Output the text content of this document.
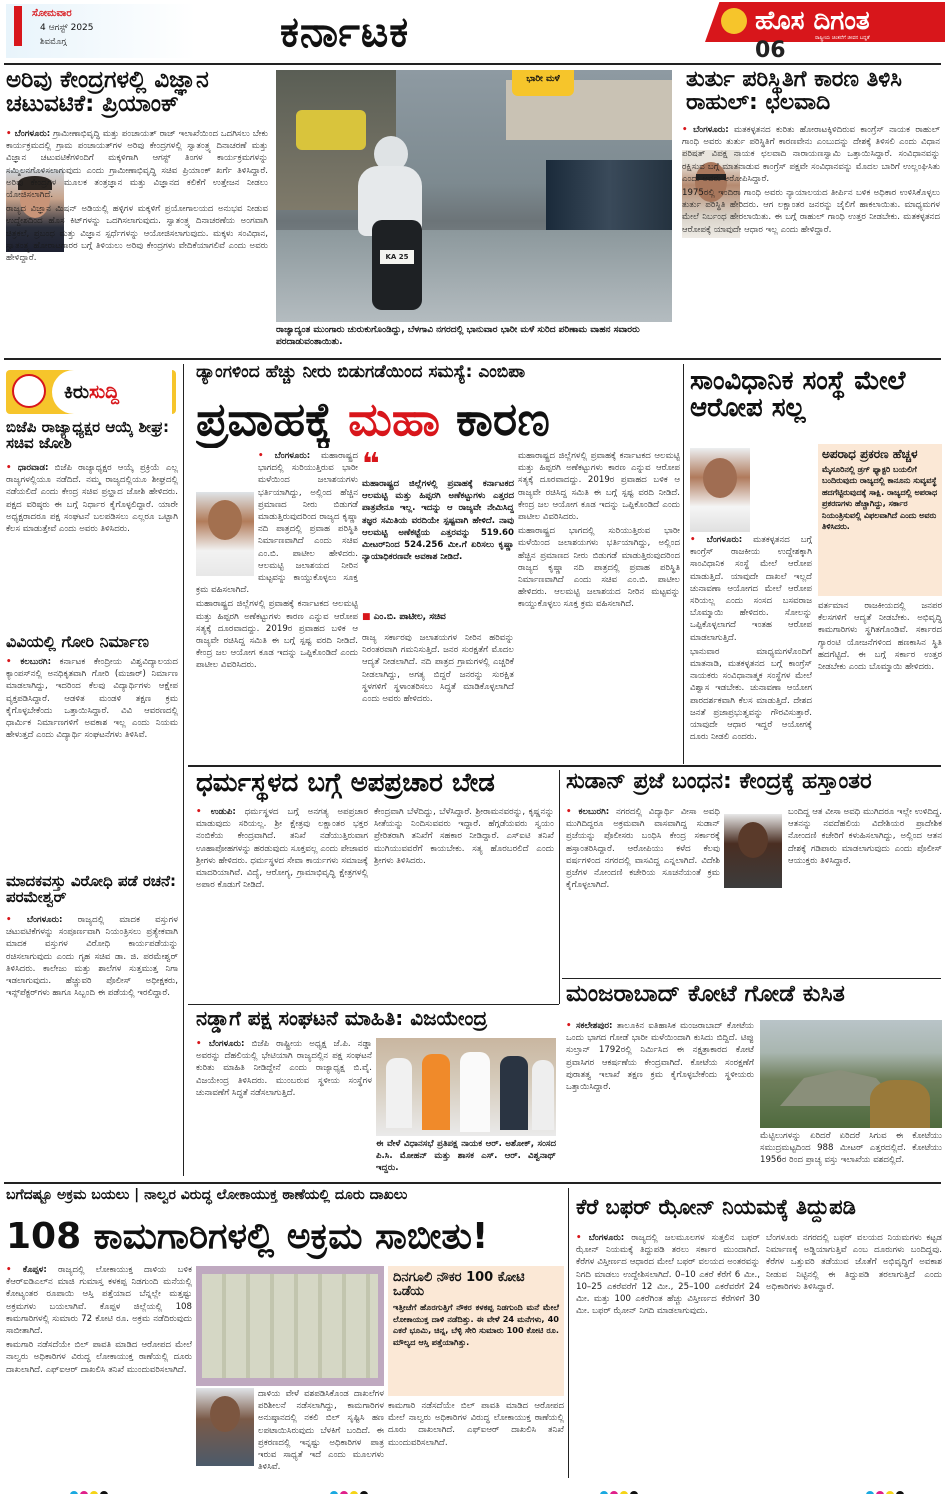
ಸೋಮವಾರ
4 ಆಗಸ್ಟ್ 2025
ಶಿವಮೊಗ್ಗ	ಕರ್ನಾಟಕ	ಹೊಸ ದಿಗಂತ
ರಾಷ್ಟ್ರೀಯ ಚಿಂತನೆಗೆ ಜೀವನ ಬದ್ಧತೆ
06
ಅರಿವು ಕೇಂದ್ರಗಳಲ್ಲಿ ವಿಜ್ಞಾನ ಚಟುವಟಿಕೆ: ಪ್ರಿಯಾಂಕ್

• ಬೆಂಗಳೂರು: ಗ್ರಾಮೀಣಾಭಿವೃದ್ಧಿ ಮತ್ತು ಪಂಚಾಯತ್ ರಾಜ್ ಇಲಾಖೆಯಿಂದ ಒದಗಿಸಲು ಬೇಕು ಕಾರ್ಯಕ್ರಮದಲ್ಲಿ ಗ್ರಾಮ ಪಂಚಾಯತ್‌ಗಳ ಅರಿವು ಕೇಂದ್ರಗಳಲ್ಲಿ ಸ್ವಾತಂತ್ರ್ಯ ದಿನಾಚರಣೆ ಮತ್ತು ವಿಜ್ಞಾನ ಚಟುವಟಿಕೆಗಳಿಂದಿಗೆ ಮಕ್ಕಳಿಗಾಗಿ ಆಗಸ್ಟ್ ತಿಂಗಳ ಕಾರ್ಯಕ್ರಮಗಳನ್ನು ಸಮ್ಮಿಲನಗೊಳಿಸಲಾಗುವುದು ಎಂದು ಗ್ರಾಮೀಣಾಭಿವೃದ್ಧಿ ಸಚಿವ ಪ್ರಿಯಾಂಕ್ ಖರ್ಗೆ ತಿಳಿಸಿದ್ದಾರೆ. ಅರಿವು ಕೇಂದ್ರಗಳ ಮೂಲಕ ತಂತ್ರಜ್ಞಾನ ಮತ್ತು ವಿಜ್ಞಾನದ ಕಲಿಕೆಗೆ ಉತ್ತೇಜನ ನೀಡಲು ಯೋಜಿಸಲಾಗಿದೆ.

ರಾಜ್ಯದ ವಿಜ್ಞಾನ ಮಿಷನ್ ಅಡಿಯಲ್ಲಿ ಹಳ್ಳಿಗಳ ಮಕ್ಕಳಿಗೆ ಪ್ರಯೋಗಾಲಯದ ಅನುಭವ ನೀಡುವ ಉದ್ದೇಶದಿಂದ ಹೊಸ ಕಿಟ್‌ಗಳನ್ನು ಒದಗಿಸಲಾಗುವುದು. ಸ್ವಾತಂತ್ರ್ಯ ದಿನಾಚರಣೆಯ ಅಂಗವಾಗಿ ಚಿತ್ರಕಲೆ, ಪ್ರಬಂಧ ಮತ್ತು ವಿಜ್ಞಾನ ಸ್ಪರ್ಧೆಗಳನ್ನು ಆಯೋಜಿಸಲಾಗುವುದು. ಮಕ್ಕಳು ಸಂವಿಧಾನ, ಸ್ವಾತಂತ್ರ್ಯ ಹೋರಾಟಗಾರರ ಬಗ್ಗೆ ತಿಳಿಯಲು ಅರಿವು ಕೇಂದ್ರಗಳು ವೇದಿಕೆಯಾಗಲಿವೆ ಎಂದು ಅವರು ಹೇಳಿದ್ದಾರೆ.	KA 25
ಭಾರೀ ಮಳೆ
ರಾಜ್ಯಾದ್ಯಂತ ಮುಂಗಾರು ಚುರುಕುಗೊಂಡಿದ್ದು, ಬೆಳಗಾವಿ ನಗರದಲ್ಲಿ ಭಾನುವಾರ ಭಾರೀ ಮಳೆ ಸುರಿದ ಪರಿಣಾಮ ವಾಹನ ಸವಾರರು ಪರದಾಡುವಂತಾಯಿತು.
ತುರ್ತು ಪರಿಸ್ಥಿತಿಗೆ ಕಾರಣ ತಿಳಿಸಿ ರಾಹುಲ್: ಛಲವಾದಿ

• ಬೆಂಗಳೂರು: ಮತಕಳ್ಳತನದ ಕುರಿತು ಹೋರಾಟಕ್ಕಿಳಿದಿರುವ ಕಾಂಗ್ರೆಸ್ ನಾಯಕ ರಾಹುಲ್ ಗಾಂಧಿ ಅವರು ತುರ್ತು ಪರಿಸ್ಥಿತಿಗೆ ಕಾರಣವೇನು ಎಂಬುದನ್ನು ದೇಶಕ್ಕೆ ತಿಳಿಸಲಿ ಎಂದು ವಿಧಾನ ಪರಿಷತ್ ವಿಪಕ್ಷ ನಾಯಕ ಛಲವಾದಿ ನಾರಾಯಣಸ್ವಾಮಿ ಒತ್ತಾಯಿಸಿದ್ದಾರೆ. ಸಂವಿಧಾನವನ್ನು ರಕ್ಷಿಸುವ ಬಗ್ಗೆ ಮಾತನಾಡುವ ಕಾಂಗ್ರೆಸ್ ಪಕ್ಷವೇ ಸಂವಿಧಾನವನ್ನು ಮೊದಲ ಬಾರಿಗೆ ಉಲ್ಲಂಘಿಸಿತು ಎಂದು ಅವರು ಆರೋಪಿಸಿದ್ದಾರೆ.

1975ರಲ್ಲಿ ಇಂದಿರಾ ಗಾಂಧಿ ಅವರು ನ್ಯಾಯಾಲಯದ ತೀರ್ಪಿನ ಬಳಿಕ ಅಧಿಕಾರ ಉಳಿಸಿಕೊಳ್ಳಲು ತುರ್ತು ಪರಿಸ್ಥಿತಿ ಹೇರಿದರು. ಆಗ ಲಕ್ಷಾಂತರ ಜನರನ್ನು ಜೈಲಿಗೆ ಹಾಕಲಾಯಿತು. ಮಾಧ್ಯಮಗಳ ಮೇಲೆ ನಿರ್ಬಂಧ ಹೇರಲಾಯಿತು. ಈ ಬಗ್ಗೆ ರಾಹುಲ್ ಗಾಂಧಿ ಉತ್ತರ ನೀಡಬೇಕು. ಮತಕಳ್ಳತನದ ಆರೋಪಕ್ಕೆ ಯಾವುದೇ ಆಧಾರ ಇಲ್ಲ ಎಂದು ಹೇಳಿದ್ದಾರೆ.

ಕಿರುಸುದ್ದಿ
ಬಿಜೆಪಿ ರಾಜ್ಯಾಧ್ಯಕ್ಷರ ಆಯ್ಕೆ ಶೀಘ್ರ: ಸಚಿವ ಜೋಶಿ

• ಧಾರವಾಡ: ಬಿಜೆಪಿ ರಾಜ್ಯಾಧ್ಯಕ್ಷರ ಆಯ್ಕೆ ಪ್ರಕ್ರಿಯೆ ಎಲ್ಲ ರಾಜ್ಯಗಳಲ್ಲಿಯೂ ನಡೆದಿದೆ. ನಮ್ಮ ರಾಜ್ಯದಲ್ಲಿಯೂ ಶೀಘ್ರದಲ್ಲಿ ನಡೆಯಲಿದೆ ಎಂದು ಕೇಂದ್ರ ಸಚಿವ ಪ್ರಲ್ಹಾದ ಜೋಶಿ ಹೇಳಿದರು. ಪಕ್ಷದ ವರಿಷ್ಠರು ಈ ಬಗ್ಗೆ ನಿರ್ಧಾರ ಕೈಗೊಳ್ಳಲಿದ್ದಾರೆ. ಯಾರೇ ಅಧ್ಯಕ್ಷರಾದರೂ ಪಕ್ಷ ಸಂಘಟನೆ ಬಲಪಡಿಸಲು ಎಲ್ಲರೂ ಒಟ್ಟಾಗಿ ಕೆಲಸ ಮಾಡುತ್ತೇವೆ ಎಂದು ಅವರು ತಿಳಿಸಿದರು.

ವಿವಿಯಲ್ಲಿ ಗೋರಿ ನಿರ್ಮಾಣ

• ಕಲಬುರಗಿ: ಕರ್ನಾಟಕ ಕೇಂದ್ರೀಯ ವಿಶ್ವವಿದ್ಯಾಲಯದ ಕ್ಯಾಂಪಸ್‌ನಲ್ಲಿ ಅನಧಿಕೃತವಾಗಿ ಗೋರಿ (ಮಜಾರ್) ನಿರ್ಮಾಣ ಮಾಡಲಾಗಿದ್ದು, ಇದರಿಂದ ಕೆಲವು ವಿದ್ಯಾರ್ಥಿಗಳು ಆಕ್ಷೇಪ ವ್ಯಕ್ತಪಡಿಸಿದ್ದಾರೆ. ಆಡಳಿತ ಮಂಡಳಿ ತಕ್ಷಣ ಕ್ರಮ ಕೈಗೊಳ್ಳಬೇಕೆಂದು ಒತ್ತಾಯಿಸಿದ್ದಾರೆ. ವಿವಿ ಆವರಣದಲ್ಲಿ ಧಾರ್ಮಿಕ ನಿರ್ಮಾಣಗಳಿಗೆ ಅವಕಾಶ ಇಲ್ಲ ಎಂದು ನಿಯಮ ಹೇಳುತ್ತದೆ ಎಂದು ವಿದ್ಯಾರ್ಥಿ ಸಂಘಟನೆಗಳು ತಿಳಿಸಿವೆ.

ಮಾದಕವಸ್ತು ವಿರೋಧಿ ಪಡೆ ರಚನೆ: ಪರಮೇಶ್ವರ್

• ಬೆಂಗಳೂರು: ರಾಜ್ಯದಲ್ಲಿ ಮಾದಕ ವಸ್ತುಗಳ ಚಟುವಟಿಕೆಗಳನ್ನು ಸಂಪೂರ್ಣವಾಗಿ ನಿಯಂತ್ರಿಸಲು ಪ್ರತ್ಯೇಕವಾಗಿ ಮಾದಕ ವಸ್ತುಗಳ ವಿರೋಧಿ ಕಾರ್ಯಪಡೆಯನ್ನು ರಚಿಸಲಾಗುವುದು ಎಂದು ಗೃಹ ಸಚಿವ ಡಾ. ಜಿ. ಪರಮೇಶ್ವರ್ ತಿಳಿಸಿದರು. ಕಾಲೇಜು ಮತ್ತು ಶಾಲೆಗಳ ಸುತ್ತಮುತ್ತ ನಿಗಾ ಇಡಲಾಗುವುದು. ಹೆಚ್ಚುವರಿ ಪೊಲೀಸ್ ಅಧೀಕ್ಷಕರು, ಇನ್ಸ್‌ಪೆಕ್ಟರ್‌ಗಳು ಹಾಗೂ ಸಿಬ್ಬಂದಿ ಈ ಪಡೆಯಲ್ಲಿ ಇರಲಿದ್ದಾರೆ.

ಡ್ಯಾಂಗಳಿಂದ ಹೆಚ್ಚು ನೀರು ಬಿಡುಗಡೆಯಿಂದ ಸಮಸ್ಯೆ: ಎಂಬಿಪಾ
ಪ್ರವಾಹಕ್ಕೆ ಮಹಾ ಕಾರಣ

• ಬೆಂಗಳೂರು: ಮಹಾರಾಷ್ಟ್ರದ ಭಾಗದಲ್ಲಿ ಸುರಿಯುತ್ತಿರುವ ಭಾರೀ ಮಳೆಯಿಂದ ಜಲಾಶಯಗಳು ಭರ್ತಿಯಾಗಿದ್ದು, ಅಲ್ಲಿಂದ ಹೆಚ್ಚಿನ ಪ್ರಮಾಣದ ನೀರು ಬಿಡುಗಡೆ ಮಾಡುತ್ತಿರುವುದರಿಂದ ರಾಜ್ಯದ ಕೃಷ್ಣಾ ನದಿ ಪಾತ್ರದಲ್ಲಿ ಪ್ರವಾಹ ಪರಿಸ್ಥಿತಿ ನಿರ್ಮಾಣವಾಗಿದೆ ಎಂದು ಸಚಿವ ಎಂ.ಬಿ. ಪಾಟೀಲ ಹೇಳಿದರು. ಆಲಮಟ್ಟಿ ಜಲಾಶಯದ ನೀರಿನ ಮಟ್ಟವನ್ನು ಕಾಯ್ದುಕೊಳ್ಳಲು ಸೂಕ್ತ ಕ್ರಮ ವಹಿಸಲಾಗಿದೆ.

ಮಹಾರಾಷ್ಟ್ರದ ಜಿಲ್ಲೆಗಳಲ್ಲಿ ಪ್ರವಾಹಕ್ಕೆ ಕರ್ನಾಟಕದ ಆಲಮಟ್ಟಿ ಮತ್ತು ಹಿಪ್ಪರಗಿ ಅಣೆಕಟ್ಟುಗಳು ಕಾರಣ ಎನ್ನುವ ಆರೋಪ ಸತ್ಯಕ್ಕೆ ದೂರವಾದದ್ದು. 2019ರ ಪ್ರವಾಹದ ಬಳಿಕ ಆ ರಾಜ್ಯವೇ ರಚಿಸಿದ್ದ ಸಮಿತಿ ಈ ಬಗ್ಗೆ ಸ್ಪಷ್ಟ ವರದಿ ನೀಡಿದೆ. ಕೇಂದ್ರ ಜಲ ಆಯೋಗ ಕೂಡ ಇದನ್ನು ಒಪ್ಪಿಕೊಂಡಿದೆ ಎಂದು ಪಾಟೀಲ ವಿವರಿಸಿದರು.

❝
ಮಹಾರಾಷ್ಟ್ರದ ಜಿಲ್ಲೆಗಳಲ್ಲಿ ಪ್ರವಾಹಕ್ಕೆ ಕರ್ನಾಟಕದ ಆಲಮಟ್ಟಿ ಮತ್ತು ಹಿಪ್ಪರಗಿ ಅಣೆಕಟ್ಟುಗಳು ಎತ್ತರದ ಪಾತ್ರವೇನೂ ಇಲ್ಲ. ಇದನ್ನು ಆ ರಾಜ್ಯವೇ ನೇಮಿಸಿದ್ದ ತಜ್ಞರ ಸಮಿತಿಯ ವರದಿಯೇ ಸ್ಪಷ್ಟವಾಗಿ ಹೇಳಿದೆ. ನಾವು ಆಲಮಟ್ಟಿ ಅಣೆಕಟ್ಟೆಯ ಎತ್ತರವನ್ನು 519.60 ಮೀಟರ್‌ನಿಂದ 524.256 ಮೀ.ಗೆ ಏರಿಸಲು ಕೃಷ್ಣಾ ನ್ಯಾಯಾಧಿಕರಣವೇ ಅವಕಾಶ ನೀಡಿದೆ.
■ ಎಂ.ಬಿ. ಪಾಟೀಲ, ಸಚಿವ

ರಾಜ್ಯ ಸರ್ಕಾರವು ಜಲಾಶಯಗಳ ನೀರಿನ ಹರಿವನ್ನು ನಿರಂತರವಾಗಿ ಗಮನಿಸುತ್ತಿದೆ. ಜನರ ಸುರಕ್ಷತೆಗೆ ಮೊದಲ ಆದ್ಯತೆ ನೀಡಲಾಗಿದೆ. ನದಿ ಪಾತ್ರದ ಗ್ರಾಮಗಳಲ್ಲಿ ಎಚ್ಚರಿಕೆ ನೀಡಲಾಗಿದ್ದು, ಅಗತ್ಯ ಬಿದ್ದರೆ ಜನರನ್ನು ಸುರಕ್ಷಿತ ಸ್ಥಳಗಳಿಗೆ ಸ್ಥಳಾಂತರಿಸಲು ಸಿದ್ಧತೆ ಮಾಡಿಕೊಳ್ಳಲಾಗಿದೆ ಎಂದು ಅವರು ಹೇಳಿದರು.

ಮಹಾರಾಷ್ಟ್ರದ ಜಿಲ್ಲೆಗಳಲ್ಲಿ ಪ್ರವಾಹಕ್ಕೆ ಕರ್ನಾಟಕದ ಆಲಮಟ್ಟಿ ಮತ್ತು ಹಿಪ್ಪರಗಿ ಅಣೆಕಟ್ಟುಗಳು ಕಾರಣ ಎನ್ನುವ ಆರೋಪ ಸತ್ಯಕ್ಕೆ ದೂರವಾದದ್ದು. 2019ರ ಪ್ರವಾಹದ ಬಳಿಕ ಆ ರಾಜ್ಯವೇ ರಚಿಸಿದ್ದ ಸಮಿತಿ ಈ ಬಗ್ಗೆ ಸ್ಪಷ್ಟ ವರದಿ ನೀಡಿದೆ. ಕೇಂದ್ರ ಜಲ ಆಯೋಗ ಕೂಡ ಇದನ್ನು ಒಪ್ಪಿಕೊಂಡಿದೆ ಎಂದು ಪಾಟೀಲ ವಿವರಿಸಿದರು.

ಮಹಾರಾಷ್ಟ್ರದ ಭಾಗದಲ್ಲಿ ಸುರಿಯುತ್ತಿರುವ ಭಾರೀ ಮಳೆಯಿಂದ ಜಲಾಶಯಗಳು ಭರ್ತಿಯಾಗಿದ್ದು, ಅಲ್ಲಿಂದ ಹೆಚ್ಚಿನ ಪ್ರಮಾಣದ ನೀರು ಬಿಡುಗಡೆ ಮಾಡುತ್ತಿರುವುದರಿಂದ ರಾಜ್ಯದ ಕೃಷ್ಣಾ ನದಿ ಪಾತ್ರದಲ್ಲಿ ಪ್ರವಾಹ ಪರಿಸ್ಥಿತಿ ನಿರ್ಮಾಣವಾಗಿದೆ ಎಂದು ಸಚಿವ ಎಂ.ಬಿ. ಪಾಟೀಲ ಹೇಳಿದರು. ಆಲಮಟ್ಟಿ ಜಲಾಶಯದ ನೀರಿನ ಮಟ್ಟವನ್ನು ಕಾಯ್ದುಕೊಳ್ಳಲು ಸೂಕ್ತ ಕ್ರಮ ವಹಿಸಲಾಗಿದೆ.

ಸಾಂವಿಧಾನಿಕ ಸಂಸ್ಥೆ ಮೇಲೆ ಆರೋಪ ಸಲ್ಲ

• ಬೆಂಗಳೂರು: ಮತಕಳ್ಳತನದ ಬಗ್ಗೆ ಕಾಂಗ್ರೆಸ್ ರಾಜಕೀಯ ಉದ್ದೇಶಕ್ಕಾಗಿ ಸಾಂವಿಧಾನಿಕ ಸಂಸ್ಥೆ ಮೇಲೆ ಆರೋಪ ಮಾಡುತ್ತಿದೆ. ಯಾವುದೇ ದಾಖಲೆ ಇಲ್ಲದೆ ಚುನಾವಣಾ ಆಯೋಗದ ಮೇಲೆ ಆರೋಪ ಸರಿಯಲ್ಲ ಎಂದು ಸಂಸದ ಬಸವರಾಜ ಬೊಮ್ಮಾಯಿ ಹೇಳಿದರು. ಸೋಲನ್ನು ಒಪ್ಪಿಕೊಳ್ಳಲಾಗದೆ ಇಂತಹ ಆರೋಪ ಮಾಡಲಾಗುತ್ತಿದೆ.

ಭಾನುವಾರ ಮಾಧ್ಯಮಗಳೊಂದಿಗೆ ಮಾತನಾಡಿ, ಮತಕಳ್ಳತನದ ಬಗ್ಗೆ ಕಾಂಗ್ರೆಸ್ ನಾಯಕರು ಸಂವಿಧಾನಾತ್ಮಕ ಸಂಸ್ಥೆಗಳ ಮೇಲೆ ವಿಶ್ವಾಸ ಇಡಬೇಕು. ಚುನಾವಣಾ ಆಯೋಗ ಪಾರದರ್ಶಕವಾಗಿ ಕೆಲಸ ಮಾಡುತ್ತಿದೆ. ದೇಶದ ಜನತೆ ಪ್ರಜಾಪ್ರಭುತ್ವವನ್ನು ಗೌರವಿಸುತ್ತಾರೆ. ಯಾವುದೇ ಆಧಾರ ಇದ್ದರೆ ಆಯೋಗಕ್ಕೆ ದೂರು ನೀಡಲಿ ಎಂದರು.

ಅಪರಾಧ ಪ್ರಕರಣ ಹೆಚ್ಚಳ
ಮೈಸೂರಿನಲ್ಲಿ ಡ್ರಗ್ ಫ್ಯಾಕ್ಟರಿ ಬಯಲಿಗೆ ಬಂದಿರುವುದು ರಾಜ್ಯದಲ್ಲಿ ಕಾನೂನು ಸುವ್ಯವಸ್ಥೆ ಹದಗೆಟ್ಟಿರುವುದಕ್ಕೆ ಸಾಕ್ಷಿ. ರಾಜ್ಯದಲ್ಲಿ ಅಪರಾಧ ಪ್ರಕರಣಗಳು ಹೆಚ್ಚಾಗಿದ್ದು, ಸರ್ಕಾರ ನಿಯಂತ್ರಿಸುವಲ್ಲಿ ವಿಫಲವಾಗಿದೆ ಎಂದು ಅವರು ತಿಳಿಸಿದರು.

ವರ್ತಮಾನ ರಾಜಕೀಯದಲ್ಲಿ ಜನಪರ ಕೆಲಸಗಳಿಗೆ ಆದ್ಯತೆ ನೀಡಬೇಕು. ಅಭಿವೃದ್ಧಿ ಕಾಮಗಾರಿಗಳು ಸ್ಥಗಿತಗೊಂಡಿವೆ. ಸರ್ಕಾರದ ಗ್ಯಾರಂಟಿ ಯೋಜನೆಗಳಿಂದ ಹಣಕಾಸಿನ ಸ್ಥಿತಿ ಹದಗೆಟ್ಟಿದೆ. ಈ ಬಗ್ಗೆ ಸರ್ಕಾರ ಉತ್ತರ ನೀಡಬೇಕು ಎಂದು ಬೊಮ್ಮಾಯಿ ಹೇಳಿದರು.

ಧರ್ಮಸ್ಥಳದ ಬಗ್ಗೆ ಅಪಪ್ರಚಾರ ಬೇಡ

• ಉಡುಪಿ: ಧರ್ಮಸ್ಥಳದ ಬಗ್ಗೆ ಅನಗತ್ಯ ಅಪಪ್ರಚಾರ ಮಾಡುವುದು ಸರಿಯಲ್ಲ. ಶ್ರೀ ಕ್ಷೇತ್ರವು ಲಕ್ಷಾಂತರ ಭಕ್ತರ ನಂಬಿಕೆಯ ಕೇಂದ್ರವಾಗಿದೆ. ತನಿಖೆ ನಡೆಯುತ್ತಿರುವಾಗ ಊಹಾಪೋಹಗಳನ್ನು ಹರಡುವುದು ಸೂಕ್ತವಲ್ಲ ಎಂದು ಪೇಜಾವರ ಶ್ರೀಗಳು ಹೇಳಿದರು. ಧರ್ಮಸ್ಥಳದ ಸೇವಾ ಕಾರ್ಯಗಳು ಸಮಾಜಕ್ಕೆ ಮಾದರಿಯಾಗಿವೆ. ವಿದ್ಯೆ, ಆರೋಗ್ಯ, ಗ್ರಾಮಾಭಿವೃದ್ಧಿ ಕ್ಷೇತ್ರಗಳಲ್ಲಿ ಅಪಾರ ಕೊಡುಗೆ ನೀಡಿದೆ.

ಕೇಂದ್ರವಾಗಿ ಬೆಳೆದಿದ್ದು, ಬೆಳೆಸಿದ್ದಾರೆ. ಶ್ರೀರಾಮನವರನ್ನು, ಕೃಷ್ಣನನ್ನು ಸೀತೆಯನ್ನು ನಿಂದಿಸುವವರು ಇದ್ದಾರೆ. ಹೆಗ್ಗಡೆಯವರು ಸ್ವಯಂ ಪ್ರೇರಿತರಾಗಿ ತನಿಖೆಗೆ ಸಹಕಾರ ನೀಡಿದ್ದಾರೆ. ಎಸ್ಐಟಿ ತನಿಖೆ ಮುಗಿಯುವವರೆಗೆ ಕಾಯಬೇಕು. ಸತ್ಯ ಹೊರಬರಲಿದೆ ಎಂದು ಶ್ರೀಗಳು ತಿಳಿಸಿದರು.

ಸುಡಾನ್ ಪ್ರಜೆ ಬಂಧನ: ಕೇಂದ್ರಕ್ಕೆ ಹಸ್ತಾಂತರ

• ಕಲಬುರಗಿ: ನಗರದಲ್ಲಿ ವಿದ್ಯಾರ್ಥಿ ವೀಸಾ ಅವಧಿ ಮುಗಿದಿದ್ದರೂ ಅಕ್ರಮವಾಗಿ ವಾಸವಾಗಿದ್ದ ಸುಡಾನ್ ಪ್ರಜೆಯನ್ನು ಪೊಲೀಸರು ಬಂಧಿಸಿ ಕೇಂದ್ರ ಸರ್ಕಾರಕ್ಕೆ ಹಸ್ತಾಂತರಿಸಿದ್ದಾರೆ. ಆರೋಪಿಯು ಕಳೆದ ಕೆಲವು ವರ್ಷಗಳಿಂದ ನಗರದಲ್ಲಿ ವಾಸವಿದ್ದ ಎನ್ನಲಾಗಿದೆ. ವಿದೇಶಿ ಪ್ರಜೆಗಳ ನೋಂದಣಿ ಕಚೇರಿಯ ಸೂಚನೆಯಂತೆ ಕ್ರಮ ಕೈಗೊಳ್ಳಲಾಗಿದೆ.

ಬಂದಿದ್ದ ಆತ ವೀಸಾ ಅವಧಿ ಮುಗಿದರೂ ಇಲ್ಲೇ ಉಳಿದಿದ್ದ. ಆತನನ್ನು ನವದೆಹಲಿಯ ವಿದೇಶಿಯರ ಪ್ರಾದೇಶಿಕ ನೋಂದಣಿ ಕಚೇರಿಗೆ ಕಳುಹಿಸಲಾಗಿದ್ದು, ಅಲ್ಲಿಂದ ಆತನ ದೇಶಕ್ಕೆ ಗಡಿಪಾರು ಮಾಡಲಾಗುವುದು ಎಂದು ಪೊಲೀಸ್ ಆಯುಕ್ತರು ತಿಳಿಸಿದ್ದಾರೆ.

ಮಂಜರಾಬಾದ್ ಕೋಟೆ ಗೋಡೆ ಕುಸಿತ

• ಸಕಲೇಶಪುರ: ತಾಲೂಕಿನ ಐತಿಹಾಸಿಕ ಮಂಜರಾಬಾದ್ ಕೋಟೆಯ ಒಂದು ಭಾಗದ ಗೋಡೆ ಭಾರೀ ಮಳೆಯಿಂದಾಗಿ ಕುಸಿದು ಬಿದ್ದಿದೆ. ಟಿಪ್ಪು ಸುಲ್ತಾನ್ 1792ರಲ್ಲಿ ನಿರ್ಮಿಸಿದ ಈ ನಕ್ಷತ್ರಾಕಾರದ ಕೋಟೆ ಪ್ರವಾಸಿಗರ ಆಕರ್ಷಣೆಯ ಕೇಂದ್ರವಾಗಿದೆ. ಕೋಟೆಯ ಸಂರಕ್ಷಣೆಗೆ ಪುರಾತತ್ವ ಇಲಾಖೆ ತಕ್ಷಣ ಕ್ರಮ ಕೈಗೊಳ್ಳಬೇಕೆಂದು ಸ್ಥಳೀಯರು ಒತ್ತಾಯಿಸಿದ್ದಾರೆ.

ಮೆಟ್ಟಿಲುಗಳನ್ನು ಏರಿದರೆ ಏರಿದರೆ ಸಿಗುವ ಈ ಕೋಟೆಯು ಸಮುದ್ರಮಟ್ಟದಿಂದ 988 ಮೀಟರ್ ಎತ್ತರದಲ್ಲಿದೆ. ಕೋಟೆಯು 1956ರ ರಿಂದ ಪ್ರಾಚ್ಯ ವಸ್ತು ಇಲಾಖೆಯ ವಶದಲ್ಲಿದೆ.

ನಡ್ಡಾಗೆ ಪಕ್ಷ ಸಂಘಟನೆ ಮಾಹಿತಿ: ವಿಜಯೇಂದ್ರ

• ಬೆಂಗಳೂರು: ಬಿಜೆಪಿ ರಾಷ್ಟ್ರೀಯ ಅಧ್ಯಕ್ಷ ಜೆ.ಪಿ. ನಡ್ಡಾ ಅವರನ್ನು ದೆಹಲಿಯಲ್ಲಿ ಭೇಟಿಯಾಗಿ ರಾಜ್ಯದಲ್ಲಿನ ಪಕ್ಷ ಸಂಘಟನೆ ಕುರಿತು ಮಾಹಿತಿ ನೀಡಿದ್ದೇನೆ ಎಂದು ರಾಜ್ಯಾಧ್ಯಕ್ಷ ಬಿ.ವೈ. ವಿಜಯೇಂದ್ರ ತಿಳಿಸಿದರು. ಮುಂಬರುವ ಸ್ಥಳೀಯ ಸಂಸ್ಥೆಗಳ ಚುನಾವಣೆಗೆ ಸಿದ್ಧತೆ ನಡೆಸಲಾಗುತ್ತಿದೆ.

ಈ ವೇಳೆ ವಿಧಾನಸಭೆ ಪ್ರತಿಪಕ್ಷ ನಾಯಕ ಆರ್. ಅಶೋಕ್, ಸಂಸದ ಪಿ.ಸಿ. ಮೋಹನ್ ಮತ್ತು ಶಾಸಕ ಎಸ್. ಆರ್. ವಿಶ್ವನಾಥ್ ಇದ್ದರು.
ಬಗೆದಷ್ಟೂ ಅಕ್ರಮ ಬಯಲು | ನಾಲ್ವರ ವಿರುದ್ಧ ಲೋಕಾಯುಕ್ತ ಠಾಣೆಯಲ್ಲಿ ದೂರು ದಾಖಲು
108 ಕಾಮಗಾರಿಗಳಲ್ಲಿ ಅಕ್ರಮ ಸಾಬೀತು!

• ಕೊಪ್ಪಳ: ರಾಜ್ಯದಲ್ಲಿ ಲೋಕಾಯುಕ್ತ ದಾಳಿಯ ಬಳಿಕ ಕೆಆರ್‌ಐಡಿಎಲ್‌ನ ಮಾಜಿ ಗುಮಾಸ್ತ ಕಳಕಪ್ಪ ನಿಡಗುಂದಿ ಮನೆಯಲ್ಲಿ ಕೋಟ್ಯಂತರ ರೂಪಾಯಿ ಆಸ್ತಿ ಪತ್ತೆಯಾದ ಬೆನ್ನಲ್ಲೇ ಮತ್ತಷ್ಟು ಅಕ್ರಮಗಳು ಬಯಲಾಗಿವೆ. ಕೊಪ್ಪಳ ಜಿಲ್ಲೆಯಲ್ಲಿ 108 ಕಾಮಗಾರಿಗಳಲ್ಲಿ ಸುಮಾರು 72 ಕೋಟಿ ರೂ. ಅಕ್ರಮ ನಡೆದಿರುವುದು ಸಾಬೀತಾಗಿದೆ.

ಕಾಮಗಾರಿ ನಡೆಸದೆಯೇ ಬಿಲ್ ಪಾವತಿ ಮಾಡಿದ ಆರೋಪದ ಮೇಲೆ ನಾಲ್ವರು ಅಧಿಕಾರಿಗಳ ವಿರುದ್ಧ ಲೋಕಾಯುಕ್ತ ಠಾಣೆಯಲ್ಲಿ ದೂರು ದಾಖಲಾಗಿದೆ. ಎಫ್‌ಐಆರ್ ದಾಖಲಿಸಿ ತನಿಖೆ ಮುಂದುವರಿಸಲಾಗಿದೆ.

ದಾಳಿಯ ವೇಳೆ ವಶಪಡಿಸಿಕೊಂಡ ದಾಖಲೆಗಳ ಪರಿಶೀಲನೆ ನಡೆಸಲಾಗಿದ್ದು, ಕಾಮಗಾರಿಗಳ ಅನುಷ್ಠಾನದಲ್ಲಿ ನಕಲಿ ಬಿಲ್ ಸೃಷ್ಟಿಸಿ ಹಣ ಲಪಟಾಯಿಸಿರುವುದು ಬೆಳಕಿಗೆ ಬಂದಿದೆ. ಈ ಪ್ರಕರಣದಲ್ಲಿ ಇನ್ನಷ್ಟು ಅಧಿಕಾರಿಗಳ ಪಾತ್ರ ಇರುವ ಸಾಧ್ಯತೆ ಇದೆ ಎಂದು ಮೂಲಗಳು ತಿಳಿಸಿವೆ.

ದಿನಗೂಲಿ ನೌಕರ 100 ಕೋಟಿ ಒಡೆಯ
ಇತ್ತೀಚೆಗೆ ಹೊರಗುತ್ತಿಗೆ ನೌಕರ ಕಳಕಪ್ಪ ನಿಡಗುಂದಿ ಮನೆ ಮೇಲೆ ಲೋಕಾಯುಕ್ತ ದಾಳಿ ನಡೆದಿತ್ತು. ಈ ವೇಳೆ 24 ಮನೆಗಳು, 40 ಎಕರೆ ಭೂಮಿ, ಚಿನ್ನ, ಬೆಳ್ಳಿ ಸೇರಿ ಸುಮಾರು 100 ಕೋಟಿ ರೂ. ಮೌಲ್ಯದ ಆಸ್ತಿ ಪತ್ತೆಯಾಗಿತ್ತು.

ಕಾಮಗಾರಿ ನಡೆಸದೆಯೇ ಬಿಲ್ ಪಾವತಿ ಮಾಡಿದ ಆರೋಪದ ಮೇಲೆ ನಾಲ್ವರು ಅಧಿಕಾರಿಗಳ ವಿರುದ್ಧ ಲೋಕಾಯುಕ್ತ ಠಾಣೆಯಲ್ಲಿ ದೂರು ದಾಖಲಾಗಿದೆ. ಎಫ್‌ಐಆರ್ ದಾಖಲಿಸಿ ತನಿಖೆ ಮುಂದುವರಿಸಲಾಗಿದೆ.

ಕೆರೆ ಬಫರ್ ಝೋನ್ ನಿಯಮಕ್ಕೆ ತಿದ್ದುಪಡಿ

• ಬೆಂಗಳೂರು: ರಾಜ್ಯದಲ್ಲಿ ಜಲಮೂಲಗಳ ಸುತ್ತಲಿನ ಬಫರ್ ಝೋನ್ ನಿಯಮಕ್ಕೆ ತಿದ್ದುಪಡಿ ತರಲು ಸರ್ಕಾರ ಮುಂದಾಗಿದೆ. ಕೆರೆಗಳ ವಿಸ್ತೀರ್ಣದ ಆಧಾರದ ಮೇಲೆ ಬಫರ್ ವಲಯದ ಅಂತರವನ್ನು ನಿಗದಿ ಮಾಡಲು ಉದ್ದೇಶಿಸಲಾಗಿದೆ. 0–10 ಎಕರೆ ಕೆರೆಗೆ 6 ಮೀ., 10–25 ಎಕರೆವರೆಗೆ 12 ಮೀ., 25–100 ಎಕರೆವರೆಗೆ 24 ಮೀ. ಮತ್ತು 100 ಎಕರೆಗಿಂತ ಹೆಚ್ಚು ವಿಸ್ತೀರ್ಣದ ಕೆರೆಗಳಿಗೆ 30 ಮೀ. ಬಫರ್ ಝೋನ್ ನಿಗದಿ ಮಾಡಲಾಗುವುದು.

ಬೆಂಗಳೂರು ನಗರದಲ್ಲಿ ಬಫರ್ ವಲಯದ ನಿಯಮಗಳು ಕಟ್ಟಡ ನಿರ್ಮಾಣಕ್ಕೆ ಅಡ್ಡಿಯಾಗುತ್ತಿವೆ ಎಂಬ ದೂರುಗಳು ಬಂದಿದ್ದವು. ಕೆರೆಗಳ ಒತ್ತುವರಿ ತಡೆಯುವ ಜೊತೆಗೆ ಅಭಿವೃದ್ಧಿಗೆ ಅವಕಾಶ ನೀಡುವ ನಿಟ್ಟಿನಲ್ಲಿ ಈ ತಿದ್ದುಪಡಿ ತರಲಾಗುತ್ತಿದೆ ಎಂದು ಅಧಿಕಾರಿಗಳು ತಿಳಿಸಿದ್ದಾರೆ.
